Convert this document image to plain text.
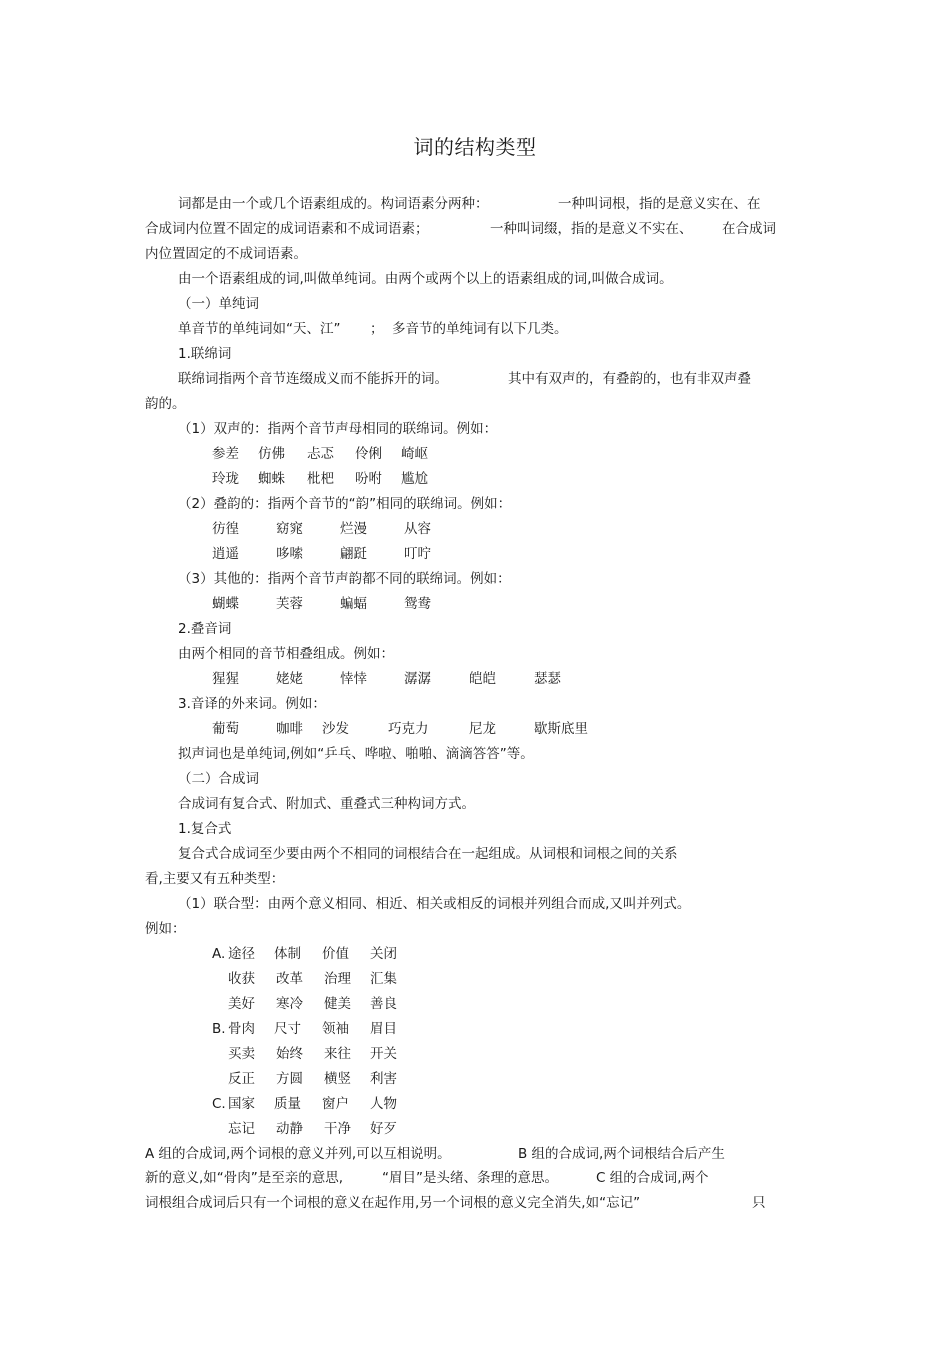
词的结构类型
词都是由一个或几个语素组成的。构词语素分两种：	一种叫词根，指的是意义实在、在
合成词内位置不固定的成词语素和不成词语素；	一种叫词缀，指的是意义不实在、 在合成词
内位置固定的不成词语素。
由一个语素组成的词,叫做单纯词。由两个或两个以上的语素组成的词,叫做合成词。
（一）单纯词
单音节的单纯词如“天、江” ； 多音节的单纯词有以下几类。
1.联绵词
联绵词指两个音节连缀成义而不能拆开的词。	其中有双声的，有叠韵的，也有非双声叠
韵的。
（1）双声的：指两个音节声母相同的联绵词。例如：
参差 仿佛 忐忑 伶俐 崎岖
玲珑 蜘蛛 枇杷 吩咐 尴尬
（2）叠韵的：指两个音节的“韵”相同的联绵词。例如：
彷徨	窈窕	烂漫	从容
逍遥	哆嗦	翩跹	叮咛
（3）其他的：指两个音节声韵都不同的联绵词。例如：
蝴蝶	芙蓉	蝙蝠	鸳鸯
2.叠音词
由两个相同的音节相叠组成。例如：
猩猩	姥姥	悻悻	潺潺	皑皑	瑟瑟
3.音译的外来词。例如：
葡萄	咖啡 沙发	巧克力	尼龙	歇斯底里
拟声词也是单纯词,例如“乒乓、哗啦、啪啪、滴滴答答”等。
（二）合成词
合成词有复合式、附加式、重叠式三种构词方式。
1.复合式
复合式合成词至少要由两个不相同的词根结合在一起组成。从词根和词根之间的关系
看,主要又有五种类型：
（1）联合型：由两个意义相同、相近、相关或相反的词根并列组合而成,又叫并列式。
例如：
A. 途径 体制 价值 关闭
收获 改革 治理 汇集
美好 寒冷 健美 善良
B. 骨肉 尺寸 领袖 眉目
买卖 始终 来往 开关
反正 方圆 横竖 利害
C. 国家 质量 窗户 人物
忘记 动静 干净 好歹
A 组的合成词,两个词根的意义并列,可以互相说明。	B 组的合成词,两个词根结合后产生
新的意义,如“骨肉”是至亲的意思,	“眉目”是头绪、条理的意思。	C 组的合成词,两个
词根组合成词后只有一个词根的意义在起作用,另一个词根的意义完全消失,如“忘记”	只
